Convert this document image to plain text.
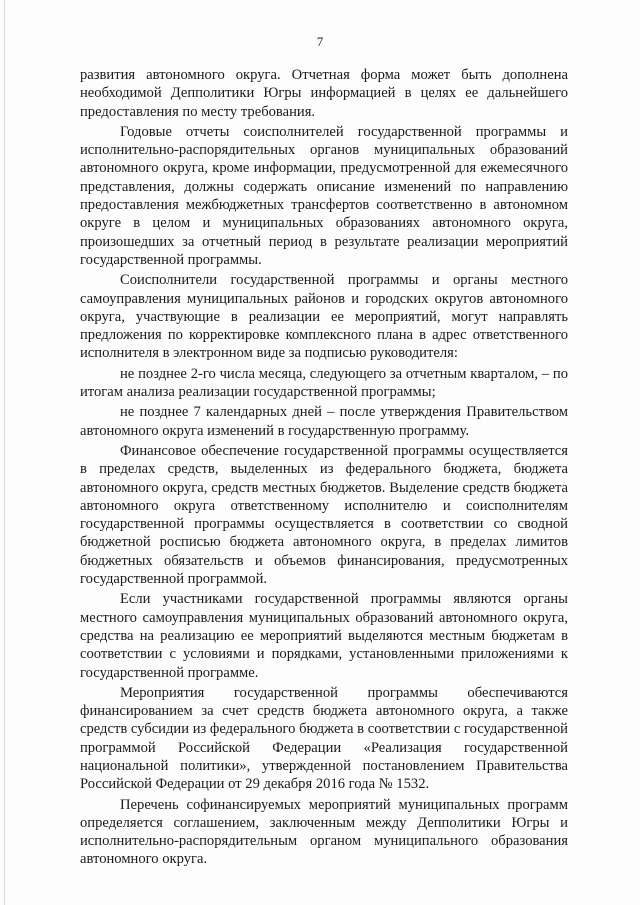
7

развития автономного округа. Отчетная форма может быть дополнена необходимой Депполитики Югры информацией в целях ее дальнейшего предоставления по месту требования.

Годовые отчеты соисполнителей государственной программы и исполнительно-распорядительных органов муниципальных образований автономного округа, кроме информации, предусмотренной для ежемесячного представления, должны содержать описание изменений по направлению предоставления межбюджетных трансфертов соответственно в автономном округе в целом и муниципальных образованиях автономного округа, произошедших за отчетный период в результате реализации мероприятий государственной программы.

Соисполнители государственной программы и органы местного самоуправления муниципальных районов и городских округов автономного округа, участвующие в реализации ее мероприятий, могут направлять предложения по корректировке комплексного плана в адрес ответственного исполнителя в электронном виде за подписью руководителя:

не позднее 2-го числа месяца, следующего за отчетным кварталом, – по итогам анализа реализации государственной программы;

не позднее 7 календарных дней – после утверждения Правительством автономного округа изменений в государственную программу.

Финансовое обеспечение государственной программы осуществляется в пределах средств, выделенных из федерального бюджета, бюджета автономного округа, средств местных бюджетов. Выделение средств бюджета автономного округа ответственному исполнителю и соисполнителям государственной программы осуществляется в соответствии со сводной бюджетной росписью бюджета автономного округа, в пределах лимитов бюджетных обязательств и объемов финансирования, предусмотренных государственной программой.

Если участниками государственной программы являются органы местного самоуправления муниципальных образований автономного округа, средства на реализацию ее мероприятий выделяются местным бюджетам в соответствии с условиями и порядками, установленными приложениями к государственной программе.

Мероприятия государственной программы обеспечиваются финансированием за счет средств бюджета автономного округа, а также средств субсидии из федерального бюджета в соответствии с государственной программой Российской Федерации «Реализация государственной национальной политики», утвержденной постановлением Правительства Российской Федерации от 29 декабря 2016 года № 1532.

Перечень софинансируемых мероприятий муниципальных программ определяется соглашением, заключенным между Депполитики Югры и исполнительно-распорядительным органом муниципального образования автономного округа.
